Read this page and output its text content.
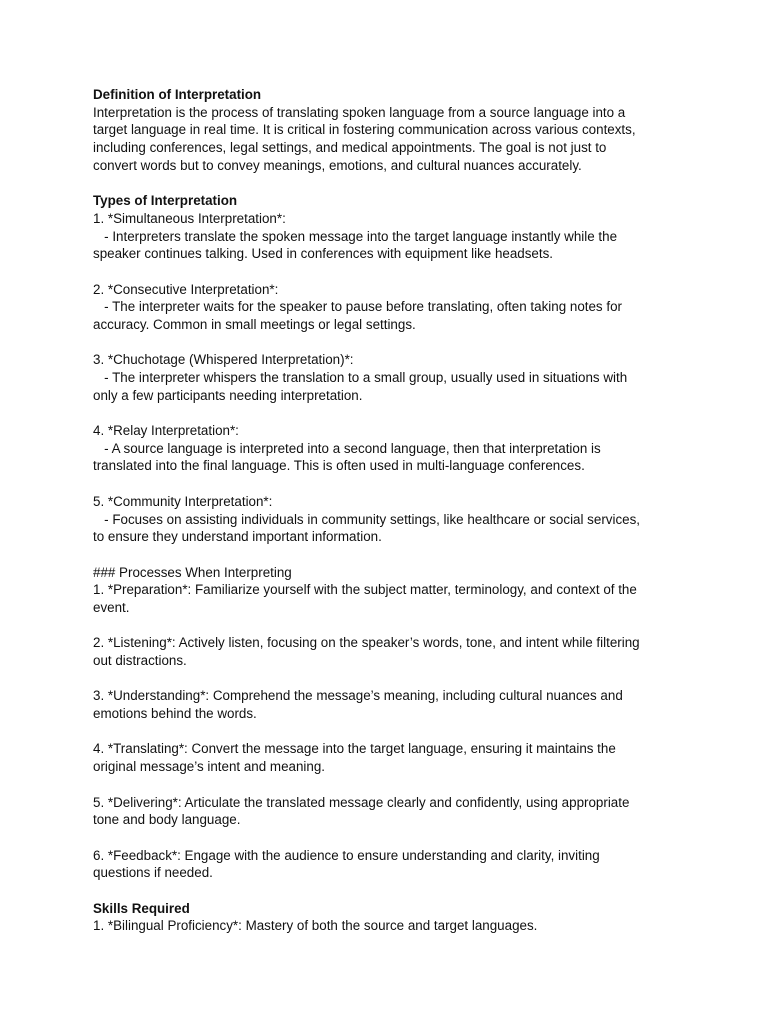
Definition of Interpretation
Interpretation is the process of translating spoken language from a source language into a
target language in real time. It is critical in fostering communication across various contexts,
including conferences, legal settings, and medical appointments. The goal is not just to
convert words but to convey meanings, emotions, and cultural nuances accurately.
Types of Interpretation
1. *Simultaneous Interpretation*:
- Interpreters translate the spoken message into the target language instantly while the
speaker continues talking. Used in conferences with equipment like headsets.
2. *Consecutive Interpretation*:
- The interpreter waits for the speaker to pause before translating, often taking notes for
accuracy. Common in small meetings or legal settings.
3. *Chuchotage (Whispered Interpretation)*:
- The interpreter whispers the translation to a small group, usually used in situations with
only a few participants needing interpretation.
4. *Relay Interpretation*:
- A source language is interpreted into a second language, then that interpretation is
translated into the final language. This is often used in multi-language conferences.
5. *Community Interpretation*:
- Focuses on assisting individuals in community settings, like healthcare or social services,
to ensure they understand important information.
### Processes When Interpreting
1. *Preparation*: Familiarize yourself with the subject matter, terminology, and context of the
event.
2. *Listening*: Actively listen, focusing on the speaker’s words, tone, and intent while filtering
out distractions.
3. *Understanding*: Comprehend the message’s meaning, including cultural nuances and
emotions behind the words.
4. *Translating*: Convert the message into the target language, ensuring it maintains the
original message’s intent and meaning.
5. *Delivering*: Articulate the translated message clearly and confidently, using appropriate
tone and body language.
6. *Feedback*: Engage with the audience to ensure understanding and clarity, inviting
questions if needed.
Skills Required
1. *Bilingual Proficiency*: Mastery of both the source and target languages.
